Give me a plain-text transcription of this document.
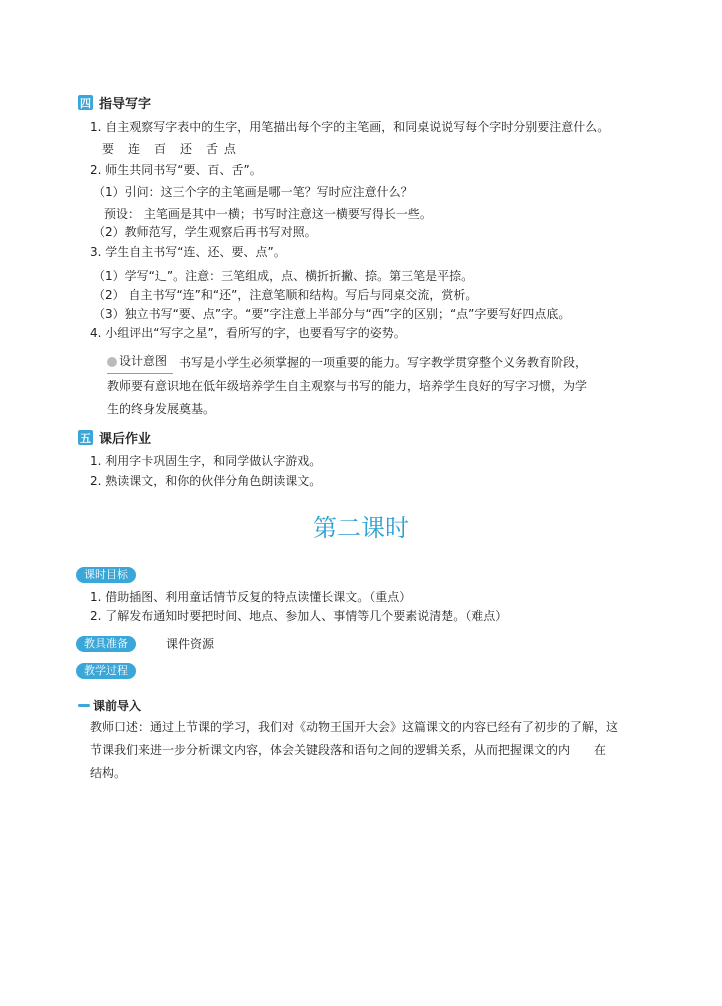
四 指导写字
1. 自主观察写字表中的生字，用笔描出每个字的主笔画，和同桌说说写每个字时分别要注意什么。
要　连　百　还　舌 点
2. 师生共同书写“要、百、舌”。
（1）引问：这三个字的主笔画是哪一笔？写时应注意什么？
预设： 主笔画是其中一横；书写时注意这一横要写得长一些。
（2）教师范写，学生观察后再书写对照。
3. 学生自主书写“连、还、要、点”。
（1）学写“辶”。注意：三笔组成，点、横折折撇、捺。第三笔是平捺。
（2） 自主书写“连”和“还”，注意笔顺和结构。写后与同桌交流，赏析。
（3）独立书写“要、点”字。“要”字注意上半部分与“西”字的区别；“点”字要写好四点底。
4. 小组评出“写字之星”，看所写的字，也要看写字的姿势。
设计意图 书写是小学生必须掌握的一项重要的能力。写字教学贯穿整个义务教育阶段，
教师要有意识地在低年级培养学生自主观察与书写的能力，培养学生良好的写字习惯，为学
生的终身发展奠基。
五 课后作业
1. 利用字卡巩固生字，和同学做认字游戏。
2. 熟读课文，和你的伙伴分角色朗读课文。
第二课时
课时目标
1. 借助插图、利用童话情节反复的特点读懂长课文。（重点）
2. 了解发布通知时要把时间、地点、参加人、事情等几个要素说清楚。（难点）
教具准备	课件资源
教学过程
课前导入
教师口述：通过上节课的学习，我们对《动物王国开大会》这篇课文的内容已经有了初步的了解，这
节课我们来进一步分析课文内容，体会关键段落和语句之间的逻辑关系，从而把握课文的内　　在
结构。
